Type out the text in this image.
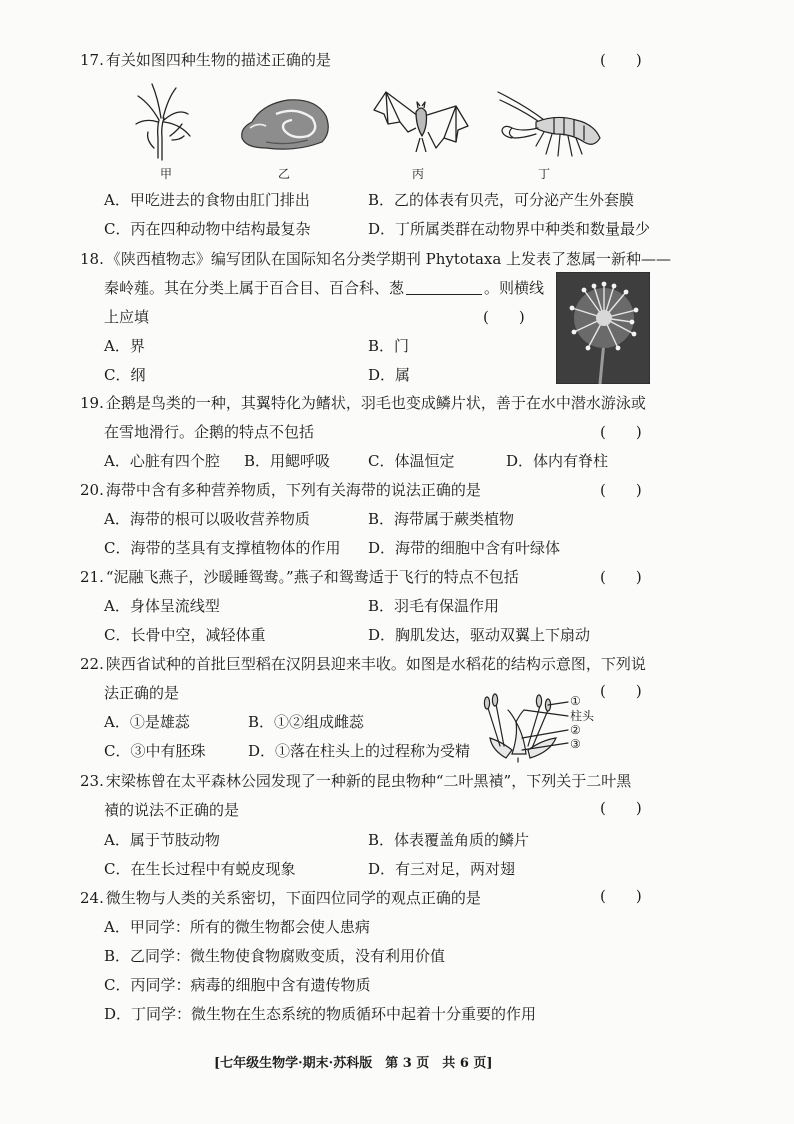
17. 有关如图四种生物的描述正确的是	(　　)
甲	乙	丙	丁
A．甲吃进去的食物由肛门排出	B．乙的体表有贝壳，可分泌产生外套膜
C．丙在四种动物中结构最复杂	D．丁所属类群在动物界中种类和数量最少
18. 《陕西植物志》编写团队在国际知名分类学期刊 Phytotaxa 上发表了葱属一新种——
秦岭薤。其在分类上属于百合目、百合科、葱	。则横线
上应填	(　　)
A．界	B．门
C．纲	D．属
19. 企鹅是鸟类的一种，其翼特化为鳍状，羽毛也变成鳞片状，善于在水中潜水游泳或
在雪地滑行。企鹅的特点不包括	(　　)
A．心脏有四个腔 B．用鳃呼吸	C．体温恒定	D．体内有脊柱
20. 海带中含有多种营养物质，下列有关海带的说法正确的是	(　　)
A．海带的根可以吸收营养物质	B．海带属于蕨类植物
C．海带的茎具有支撑植物体的作用 D．海带的细胞中含有叶绿体
21. “泥融飞燕子，沙暖睡鸳鸯。”燕子和鸳鸯适于飞行的特点不包括	(　　)
A．身体呈流线型	B．羽毛有保温作用
C．长骨中空，减轻体重	D．胸肌发达，驱动双翼上下扇动
22. 陕西省试种的首批巨型稻在汉阴县迎来丰收。如图是水稻花的结构示意图，下列说
法正确的是	(　　)
A．①是雄蕊	B．①②组成雌蕊
C．③中有胚珠	D．①落在柱头上的过程称为受精
①
柱头
②
③
23. 宋梁栋曾在太平森林公园发现了一种新的昆虫物种“二叶黑襀”，下列关于二叶黑
襀的说法不正确的是	(　　)
A．属于节肢动物	B．体表覆盖角质的鳞片
C．在生长过程中有蜕皮现象	D．有三对足，两对翅
24. 微生物与人类的关系密切，下面四位同学的观点正确的是	(　　)
A．甲同学：所有的微生物都会使人患病
B．乙同学：微生物使食物腐败变质，没有利用价值
C．丙同学：病毒的细胞中含有遗传物质
D．丁同学：微生物在生态系统的物质循环中起着十分重要的作用
[七年级生物学·期末·苏科版　第 3 页　共 6 页]
